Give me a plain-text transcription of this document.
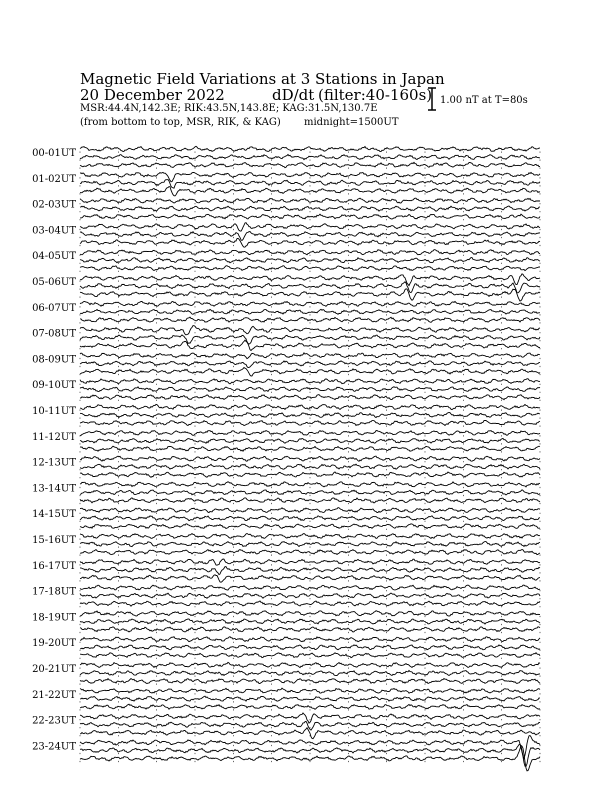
Magnetic Field Variations at 3 Stations in Japan
20 December 2022	dD/dt (filter:40-160s)
MSR:44.4N,142.3E; RIK:43.5N,143.8E; KAG:31.5N,130.7E
(from bottom to top, MSR, RIK, & KAG) midnight=1500UT
1.00 nT at T=80s
00-01UT
01-02UT
02-03UT
03-04UT
04-05UT
05-06UT
06-07UT
07-08UT
08-09UT
09-10UT
10-11UT
11-12UT
12-13UT
13-14UT
14-15UT
15-16UT
16-17UT
17-18UT
18-19UT
19-20UT
20-21UT
21-22UT
22-23UT
23-24UT
